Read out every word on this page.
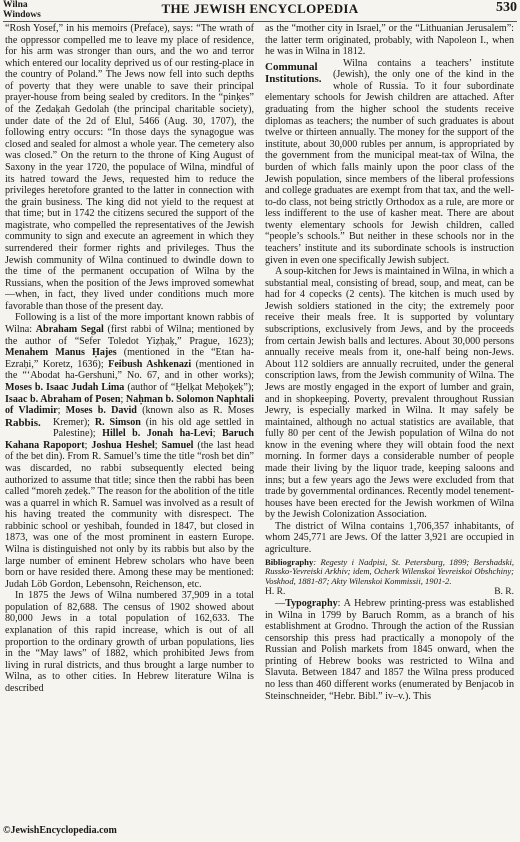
Wilna
Windows	THE JEWISH ENCYCLOPEDIA	530

“Rosh Yosef,” in his memoirs (Preface), says: “The wrath of the oppressor compelled me to leave my place of residence, for his arm was stronger than ours, and the wo and terror which entered our locality deprived us of our resting-place in the country of Poland.” The Jews now fell into such depths of poverty that they were unable to save their principal prayer-house from being sealed by creditors. In the “pinḳes” of the Ẓedaḳah Gedolah (the principal charitable society), under date of the 2d of Elul, 5466 (Aug. 30, 1707), the following entry occurs: “In those days the synagogue was closed and sealed for almost a whole year. The cemetery also was closed.” On the return to the throne of King August of Saxony in the year 1720, the populace of Wilna, mindful of its hatred toward the Jews, requested him to reduce the privileges heretofore granted to the latter in connection with the grain business. The king did not yield to the request at that time; but in 1742 the citizens secured the support of the magistrate, who compelled the representatives of the Jewish community to sign and execute an agreement in which they surrendered their former rights and privileges. Thus the Jewish community of Wilna continued to dwindle down to the time of the permanent occupation of Wilna by the Russians, when the position of the Jews improved somewhat—when, in fact, they lived under conditions much more favorable than those of the present day.

Following is a list of the more important known rabbis of Wilna: Abraham Segal (first rabbi of Wilna; mentioned by the author of “Sefer Toledot Yiẓḥaḳ,” Prague, 1623); Menahem Manus Ḥajes (mentioned in the “Etan ha-Ezraḥi,” Koretz, 1636); Feibush Ashkenazi (mentioned in the “‘Abodat ha-Gershuni,” No. 67, and in other works); Moses b. Isaac Judah Lima (author of “Ḥelḳat Meḥoḳeḳ”); Isaac b. Abraham of Posen; Naḥman b. Solomon Naphtali of Vladimir; Moses b. David (known also as R. Moses Kremer);
Rabbis.	R. Simson (in his old age settled in Palestine); Hillel b. Jonah ha-Levi; Baruch Kahana Rapoport; Joshua Heshel; Samuel (the last head of the bet din). From R. Samuel’s time the title “rosh bet din” was discarded, no rabbi subsequently elected being authorized to assume that title; since then the rabbi has been called “moreh ẓedeḳ.” The reason for the abolition of the title was a quarrel in which R. Samuel was involved as a result of his having treated the community with disrespect. The rabbinic school or yeshibah, founded in 1847, but closed in 1873, was one of the most prominent in eastern Europe. Wilna is distinguished not only by its rabbis but also by the large number of eminent Hebrew scholars who have been born or have resided there. Among these may be mentioned: Judah Löb Gordon, Lebensohn, Reichenson, etc.

In 1875 the Jews of Wilna numbered 37,909 in a total population of 82,688. The census of 1902 showed about 80,000 Jews in a total population of 162,633. The explanation of this rapid increase, which is out of all proportion to the ordinary growth of urban populations, lies in the “May laws” of 1882, which prohibited Jews from living in rural districts, and thus brought a large number to Wilna, as to other cities. In Hebrew literature Wilna is described

as the “mother city in Israel,” or the “Lithuanian Jerusalem”: the latter term originated, probably, with Napoleon I., when he was in Wilna in 1812.

Communal Institutions.
Wilna contains a teachers’ institute (Jewish), the only one of the kind in the whole of Russia. To it four subordinate elementary schools for Jewish children are attached. After graduating from the higher school the students receive diplomas as teachers; the number of such graduates is about twelve or thirteen annually. The money for the support of the institute, about 30,000 rubles per annum, is appropriated by the government from the municipal meat-tax of Wilna, the burden of which falls mainly upon the poor class of the Jewish population, since members of the liberal professions and college graduates are exempt from that tax, and the well-to-do class, not being strictly Orthodox as a rule, are more or less indifferent to the use of kasher meat. There are about twenty elementary schools for Jewish children, called “people’s schools.” But neither in these schools nor in the teachers’ institute and its subordinate schools is instruction given in even one specifically Jewish subject.

A soup-kitchen for Jews is maintained in Wilna, in which a substantial meal, consisting of bread, soup, and meat, can be had for 4 copecks (2 cents). The kitchen is much used by Jewish soldiers stationed in the city; the extremely poor receive their meals free. It is supported by voluntary subscriptions, exclusively from Jews, and by the proceeds from certain Jewish balls and lectures. About 30,000 persons annually receive meals from it, one-half being non-Jews. About 112 soldiers are annually recruited, under the general conscription laws, from the Jewish community of Wilna. The Jews are mostly engaged in the export of lumber and grain, and in shopkeeping. Poverty, prevalent throughout Russian Jewry, is especially marked in Wilna. It may safely be maintained, although no actual statistics are available, that fully 80 per cent of the Jewish population of Wilna do not know in the evening where they will obtain food the next morning. In former days a considerable number of people made their living by the liquor trade, keeping saloons and inns; but a few years ago the Jews were excluded from that trade by governmental ordinances. Recently model tenement-houses have been erected for the Jewish workmen of Wilna by the Jewish Colonization Association.

The district of Wilna contains 1,706,357 inhabitants, of whom 245,771 are Jews. Of the latter 3,921 are occupied in agriculture.

Bibliography: Regesty i Nadpisi, St. Petersburg, 1899; Bershadski, Russko-Yevreiski Arkhiv; idem, Ocherk Wilenskoi Yevreiskoi Obshchiny; Voskhod, 1881-87; Akty Wilenskoi Kommissii, 1901-2.

H. R.	B. R.

—Typography: A Hebrew printing-press was established in Wilna in 1799 by Baruch Romm, as a branch of his establishment at Grodno. Through the action of the Russian censorship this press had practically a monopoly of the Russian and Polish markets from 1845 onward, when the printing of Hebrew books was restricted to Wilna and Slavuta. Between 1847 and 1857 the Wilna press produced no less than 460 different works (enumerated by Benjacob in Steinschneider, “Hebr. Bibl.” iv–v.). This

©JewishEncyclopedia.com
